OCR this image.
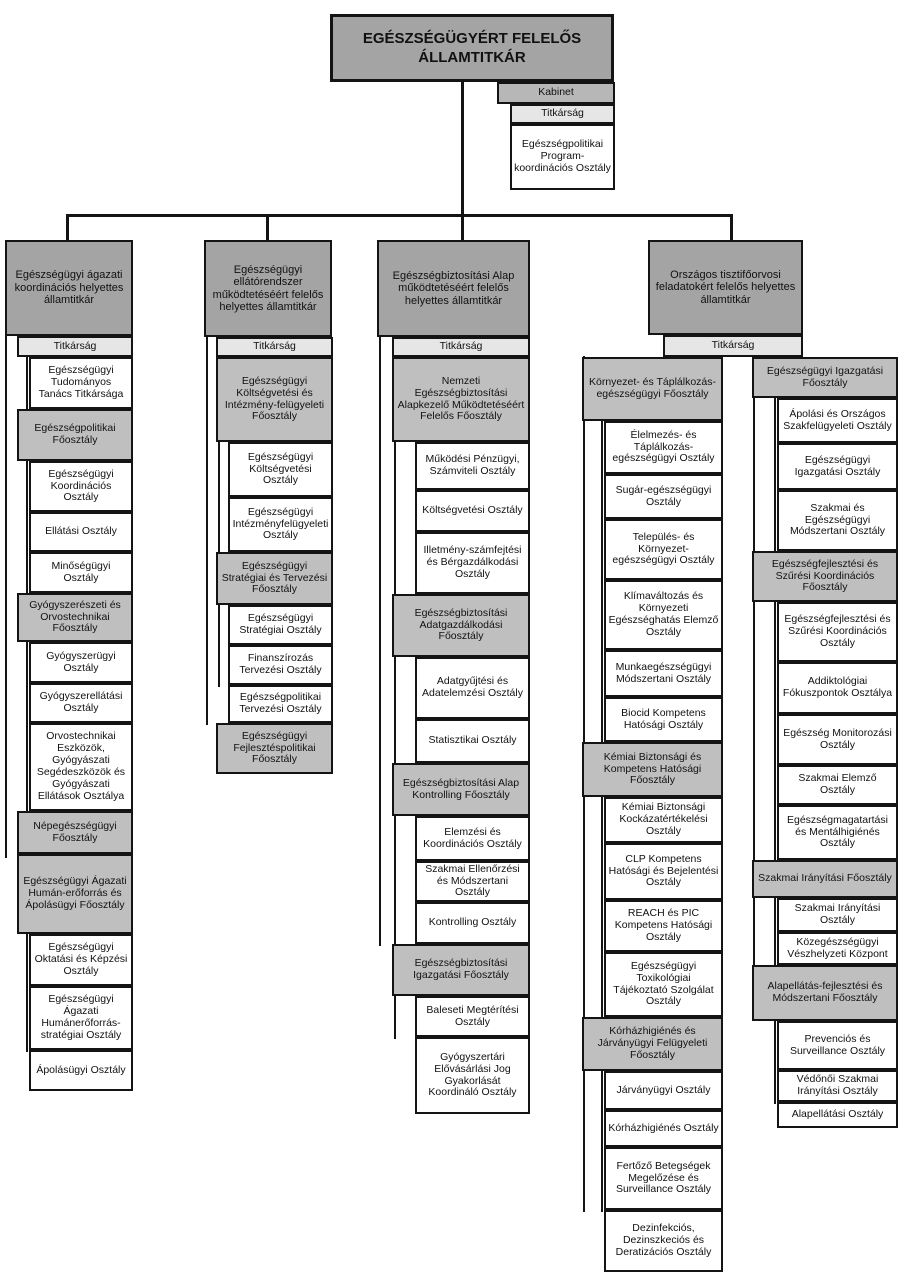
EGÉSZSÉGÜGYÉRT FELELŐS ÁLLAMTITKÁR
Kabinet
Titkárság
Egészségpolitikai Program-koordinációs Osztály
Egészségügyi ágazati koordinációs helyettes államtitkár
Titkárság
Egészségügyi Tudományos Tanács Titkársága
Egészségpolitikai Főosztály
Egészségügyi Koordinációs Osztály
Ellátási Osztály
Minőségügyi Osztály
Gyógyszerészeti és Orvostechnikai Főosztály
Gyógyszerügyi Osztály
Gyógyszerellátási Osztály
Orvostechnikai Eszközök, Gyógyászati Segédeszközök és Gyógyászati Ellátások Osztálya
Népegészségügyi Főosztály
Egészségügyi Ágazati Humán-erőforrás és Ápolásügyi Főosztály
Egészségügyi Oktatási és Képzési Osztály
Egészségügyi Ágazati Humánerőforrás-stratégiai Osztály
Ápolásügyi Osztály
Egészségügyi ellátórendszer működtetéséért felelős helyettes államtitkár
Titkárság
Egészségügyi Költségvetési és Intézmény-felügyeleti Főosztály
Egészségügyi Költségvetési Osztály
Egészségügyi Intézményfelügyeleti Osztály
Egészségügyi Stratégiai és Tervezési Főosztály
Egészségügyi Stratégiai Osztály
Finanszírozás Tervezési Osztály
Egészségpolitikai Tervezési Osztály
Egészségügyi Fejlesztéspolitikai Főosztály
Egészségbiztosítási Alap működtetéséért felelős helyettes államtitkár
Titkárság
Nemzeti Egészségbiztosítási Alapkezelő Működtetéséért Felelős Főosztály
Működési Pénzügyi, Számviteli Osztály
Költségvetési Osztály
Illetmény-számfejtési és Bérgazdálkodási Osztály
Egészségbiztosítási Adatgazdálkodási Főosztály
Adatgyűjtési és Adatelemzési Osztály
Statisztikai Osztály
Egészségbiztosítási Alap Kontrolling Főosztály
Elemzési és Koordinációs Osztály
Szakmai Ellenőrzési és Módszertani Osztály
Kontrolling Osztály
Egészségbiztosítási Igazgatási Főosztály
Baleseti Megtérítési Osztály
Gyógyszertári Elővásárlási Jog Gyakorlását Koordináló Osztály
Országos tisztifőorvosi feladatokért felelős helyettes államtitkár
Titkárság
Környezet- és Táplálkozás-egészségügyi Főosztály
Élelmezés- és Táplálkozás-egészségügyi Osztály
Sugár-egészségügyi Osztály
Település- és Környezet-egészségügyi Osztály
Klímaváltozás és Környezeti Egészséghatás Elemző Osztály
Munkaegészségügyi Módszertani Osztály
Biocid Kompetens Hatósági Osztály
Kémiai Biztonsági és Kompetens Hatósági Főosztály
Kémiai Biztonsági Kockázatértékelési Osztály
CLP Kompetens Hatósági és Bejelentési Osztály
REACH és PIC Kompetens Hatósági Osztály
Egészségügyi Toxikológiai Tájékoztató Szolgálat Osztály
Kórházhigiénés és Járványügyi Felügyeleti Főosztály
Járványügyi Osztály
Kórházhigiénés Osztály
Fertőző Betegségek Megelőzése és Surveillance Osztály
Dezinfekciós, Dezinszkeciós és Deratizációs Osztály
Egészségügyi Igazgatási Főosztály
Ápolási és Országos Szakfelügyeleti Osztály
Egészségügyi Igazgatási Osztály
Szakmai és Egészségügyi Módszertani Osztály
Egészségfejlesztési és Szűrési Koordinációs Főosztály
Egészségfejlesztési és Szűrési Koordinációs Osztály
Addiktológiai Fókuszpontok Osztálya
Egészség Monitorozási Osztály
Szakmai Elemző Osztály
Egészségmagatartási és Mentálhigiénés Osztály
Szakmai Irányítási Főosztály
Szakmai Irányítási Osztály
Közegészségügyi Vészhelyzeti Központ
Alapellátás-fejlesztési és Módszertani Főosztály
Prevenciós és Surveillance Osztály
Védőnői Szakmai Irányítási Osztály
Alapellátási Osztály
